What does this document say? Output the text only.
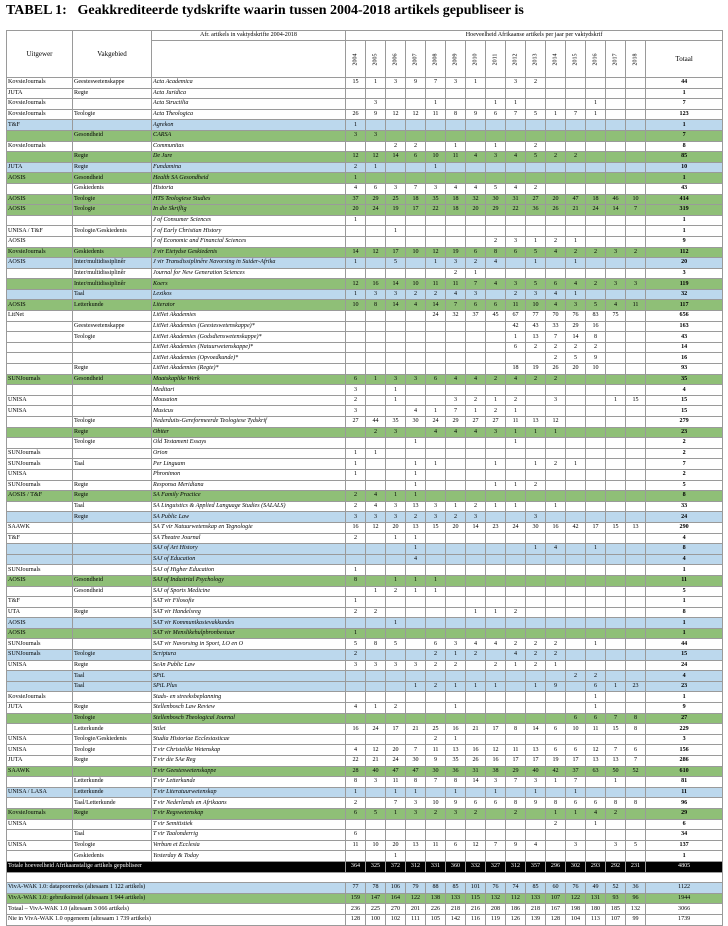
TABEL 1: Geakkrediteerde tydskrifte waarin tussen 2004-2018 artikels gepubliseer is
Uitgewer	Vakgebied	Afr. artikels in vaktydskrifte 2004-2018	Hoeveelheid Afrikaanse artikels per jaar per vaktydskrif															
			2004	2005	2006	2007	2008	2009	2010	2011	2012	2013	2014	2015	2016	2017	2018	Totaal
KovsieJournals	Geesteswetenskappe	Acta Academica	15	1	3	9	7	3	1		3	2						44
JUTA	Regte	Acta Juridica																1
KovsieJournals		Acta Structilia		3			1			1	1				1			7
KovsieJournals	Teologie	Acta Theologica	26	9	12	12	11	8	9	6	7	5	1	7	1			123
T&F		Agrekon	1															1
	Gesondheid	CARSA	3	3														7
KovsieJournals		Communitas			2	2		1		1		2						8
	Regte	De Jure	12	12	14	6	10	11	4	3	4	5	2	2				85
JUTA	Regte	Fundamina	2	1			1											10
AOSIS	Gesondheid	Health SA Gesondheid	1															1
	Geskiedenis	Historia	4	6	3	7	3	4	4	5	4	2						43
AOSIS	Teologie	HTS Teologiese Studies	37	29	25	18	35	18	32	30	31	27	20	47	18	46	10	414
AOSIS	Teologie	In die Skriflig	20	24	19	17	22	18	20	29	22	36	26	21	24	14	7	319
		J of Consumer Sciences	1															1
UNISA / T&F	Teologie/Geskiedenis	J of Early Christian History			1													1
AOSIS		J of Economic and Financial Sciences								2	3	1	2	1				9
KovsieJournals	Geskiedenis	J vir Eietydse Geskiedenis	14	12	17	10	12	19	6	8	6	5	4	2	2	3	2	112
AOSIS	Inter/multidissiplinêr	J vir Transdissiplinêre Navorsing in Suider-Afrika	1		5		1	3	2	4		1		1				20
	Inter/multidissiplinêr	Journal for New Generation Sciences						2	1									3
	Inter/multidissiplinêr	Koers	12	16	14	10	11	11	7	4	3	5	6	4	2	3	3	119
	Taal	Lexikos	1	3	3	2	2	4	3		2	3	4	1				32
AOSIS	Letterkunde	Literator	10	8	14	4	14	7	6	6	11	10	4	3	5	4	11	117
LitNet		LitNet Akademies					24	32	37	45	67	77	70	76	83	75		656
	Geesteswetenskappe	LitNet Akademies (Geesteswetenskappe)*									42	43	33	29	16			163
	Teologie	LitNet Akademies (Godsdienswetenskappe)*									1	13	7	14	8			43
		LitNet Akademies (Natuurwetenskappe)*									6	2	2	2	2			14
		LitNet Akademies (Opvoedkunde)*											2	5	9			16
	Regte	LitNet Akademies (Regte)*									18	19	26	20	10			93
SUNJournals	Gesondheid	Maatskaplike Werk	6	1	3	3	6	4	4	2	4	2	2					35
		Meditari	3		1													4
UNISA		Mousaion	2		1			3	2	1	2		3			1	15	15
UNISA		Musicus	3			4	1	7	1	2	1							15
	Teologie	Nederduits-Gereformeerde Teologiese Tydskrif	27	44	35	30	24	29	27	27	11	13	12					279
	Regte	Obiter		2	3		4	4	4	3	1	1	1					23
	Teologie	Old Testament Essays				1					1							2
SUNJournals		Orion	1	1														2
SUNJournals	Taal	Per Linguam	1			1	1			1		1	2	1				7
UNISA		Phronimon	1			1												2
SUNJournals	Regte	Responsa Meridiana				1				1	1	2						5
AOSIS / T&F	Regte	SA Family Practice	2	4	1	1												8
	Taal	SA Linguistics & Applied Language Studies (SALALS)	2	4	3	13	3	1	2	1	1		1					33
	Regte	SA Public Law	3	3	3	2	3	2	3			3						24
SAAWK		SA T vir Natuurwetenskap en Tegnologie	16	12	20	13	15	20	14	23	24	30	16	42	17	15	13	290
T&F		SA Theatre Journal	2		1	1												4
		SAJ of Art History				1						1	4		1			8
		SAJ of Education				4												4
SUNJournals		SAJ of Higher Education	1															1
AOSIS	Gesondheid	SAJ of Industrial Psychology	8		1	1	1											11
	Gesondheid	SAJ of Sports Medicine		1	2	1	1											5
T&F		SAT vir Filosofie	1															1
UTA	Regte	SAT vir Handelsreg	2	2					1	1	2							8
AOSIS		SAT vir Kommunikasievakkundes			1													1
AOSIS		SAT vir Menslikehulpbronbestuur	1															1
SUNJournals		SAT vir Navorsing in Sport, LO en O	5	8	5		6	3	4	4	2	2	2		1			44
SUNJournals	Teologie	Scriptura	2				2	1	2		4	2	2					15
UNISA	Regte	SeAn Public Law	3	3	3	3	2	2		2	1	2	1					24
	Taal	SPiL												2	2			4
	Taal	SPiL Plus				1	2	1	1	1		1	9		6	1	23	23
KovsieJournals		Stads- en streeksbeplanning													1			1
JUTA	Regte	Stellenbosch Law Review	4	1	2			1							1			9
	Teologie	Stellenbosch Theological Journal												6	6	7	8	27
	Letterkunde	Stilet	16	24	17	21	25	16	21	17	8	14	6	10	11	15	8	229
UNISA	Teologie/Geskiedenis	Studia Historiae Ecclesiasticae					2	1										3
UNISA	Teologie	T vir Christelike Wetenskap	4	12	20	7	11	13	16	12	11	13	6	6	12	7	6	156
JUTA	Regte	T vir die SAe Reg	22	21	24	30	9	35	26	16	17	17	19	17	13	13	7	286
SAAWK		T vir Geesteswetenskappe	28	40	47	47	30	36	31	38	29	40	42	37	63	50	52	610
	Letterkunde	T vir Letterkunde	8	3	11	8	7	8	14	3	7	3	1	7		1		81
UNISA / LASA	Letterkunde	T vir Literatuurwetenskap	1		1	1		1		1		1		1				11
	Taal/Letterkunde	T vir Nederlands en Afrikaans	2		7	3	10	9	6	6	8	9	8	6	6	8	8	96
KovsieJournals	Regte	T vir Regswetenskap	6	5	1	3	2	3	2		2		1	1	4	2		29
UNISA		T vir Semitistiek											2		1			6
	Taal	T vir Taalonderrig	6															34
UNISA	Teologie	Verbum et Ecclesia	11	10	20	13	11	6	12	7	9	4		3		3	5	137
	Geskiedenis	Yesterday & Today			1													1
Totale hoeveelheid Afrikaanstalige artikels gepubliseer			364	325	372	312	331	360	332	327	312	357	296	302	293	292	231	4805

VivA-WAK 1.0: datapoorreeks (altesaam 1 122 artikels)			77	78	106	79	88	85	101	76	74	85	60	76	49	52	36	1122
VivA-WAK 1.0: gebruiksinstel (altesaam 1 944 artikels)			159	147	164	122	138	133	115	132	112	133	107	122	131	93	96	1944
Totaal – VivA-WAK 1.0 (altesaam 3 066 artikels)			236	225	270	201	226	218	216	208	186	218	167	198	180	185	132	3066
Nie in VivA-WAK 1.0 opgeneem (altesaam 1 739 artikels)			128	100	102	111	105	142	116	119	126	139	128	104	113	107	99	1739
